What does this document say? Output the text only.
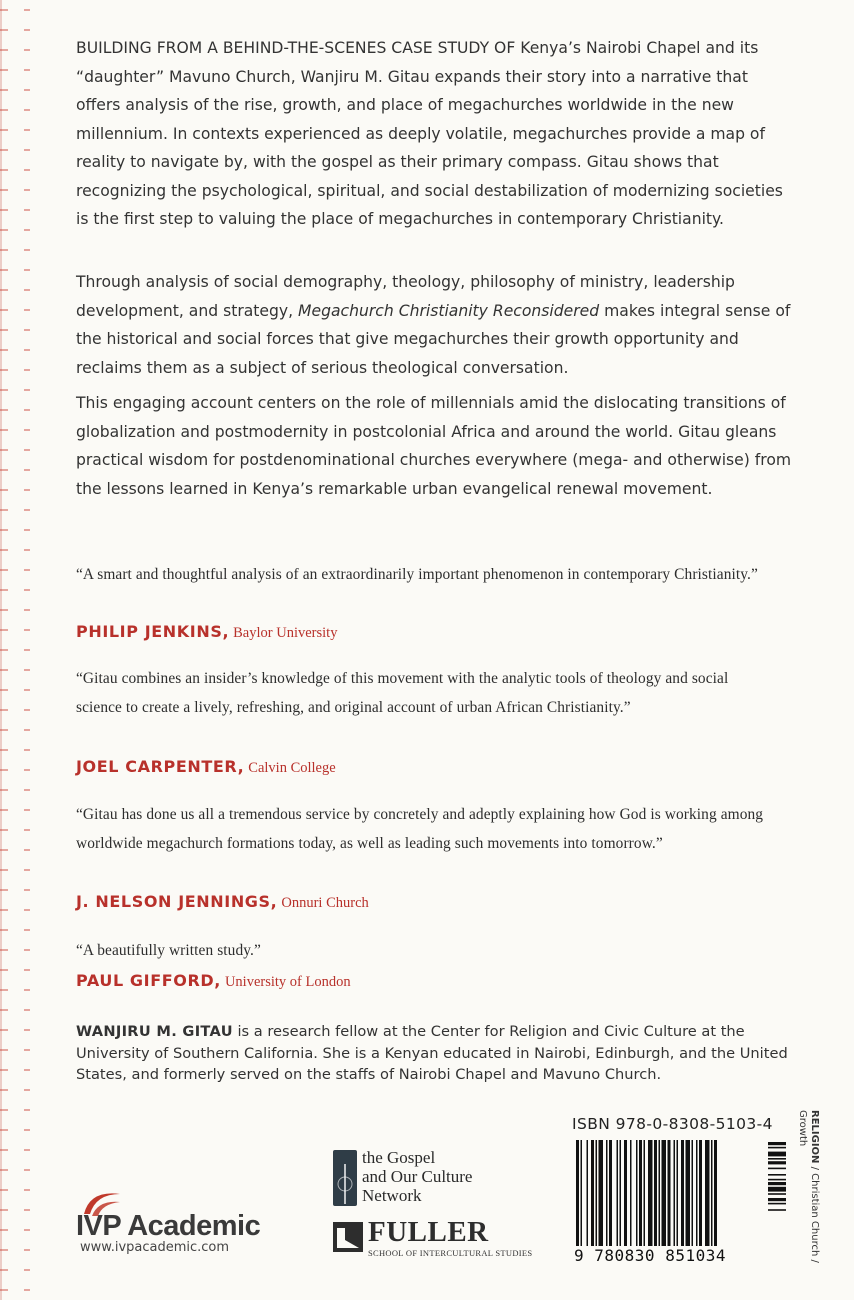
BUILDING FROM A BEHIND-THE-SCENES CASE STUDY OF Kenya’s Nairobi Chapel and its “daughter” Mavuno Church, Wanjiru M. Gitau expands their story into a narrative that offers analysis of the rise, growth, and place of megachurches worldwide in the new millennium. In contexts experienced as deeply volatile, megachurches provide a map of reality to navigate by, with the gospel as their primary compass. Gitau shows that recognizing the psychological, spiritual, and social destabilization of modernizing societies is the first step to valuing the place of megachurches in contemporary Christianity.

Through analysis of social demography, theology, philosophy of ministry, leadership development, and strategy, Megachurch Christianity Reconsidered makes integral sense of the historical and social forces that give megachurches their growth opportunity and reclaims them as a subject of serious theological conversation.

This engaging account centers on the role of millennials amid the dislocating transitions of globalization and postmodernity in postcolonial Africa and around the world. Gitau gleans practical wisdom for postdenominational churches everywhere (mega- and otherwise) from the lessons learned in Kenya’s remarkable urban evangelical renewal movement.

“A smart and thoughtful analysis of an extraordinarily important phenomenon in contemporary Christianity.”

PHILIP JENKINS, Baylor University

“Gitau combines an insider’s knowledge of this movement with the analytic tools of theology and social science to create a lively, refreshing, and original account of urban African Christianity.”

JOEL CARPENTER, Calvin College

“Gitau has done us all a tremendous service by concretely and adeptly explaining how God is working among worldwide megachurch formations today, as well as leading such movements into tomorrow.”

J. NELSON JENNINGS, Onnuri Church

“A beautifully written study.”

PAUL GIFFORD, University of London

WANJIRU M. GITAU is a research fellow at the Center for Religion and Civic Culture at the University of Southern California. She is a Kenyan educated in Nairobi, Edinburgh, and the United States, and formerly served on the staffs of Nairobi Chapel and Mavuno Church.

IVP Academic
www.ivpacademic.com
the Gospel
and Our Culture
Network
FULLER
SCHOOL OF INTERCULTURAL STUDIES
ISBN 978-0-8308-5103-4
9 780830 851034
RELIGION / Christian Church /
Growth
